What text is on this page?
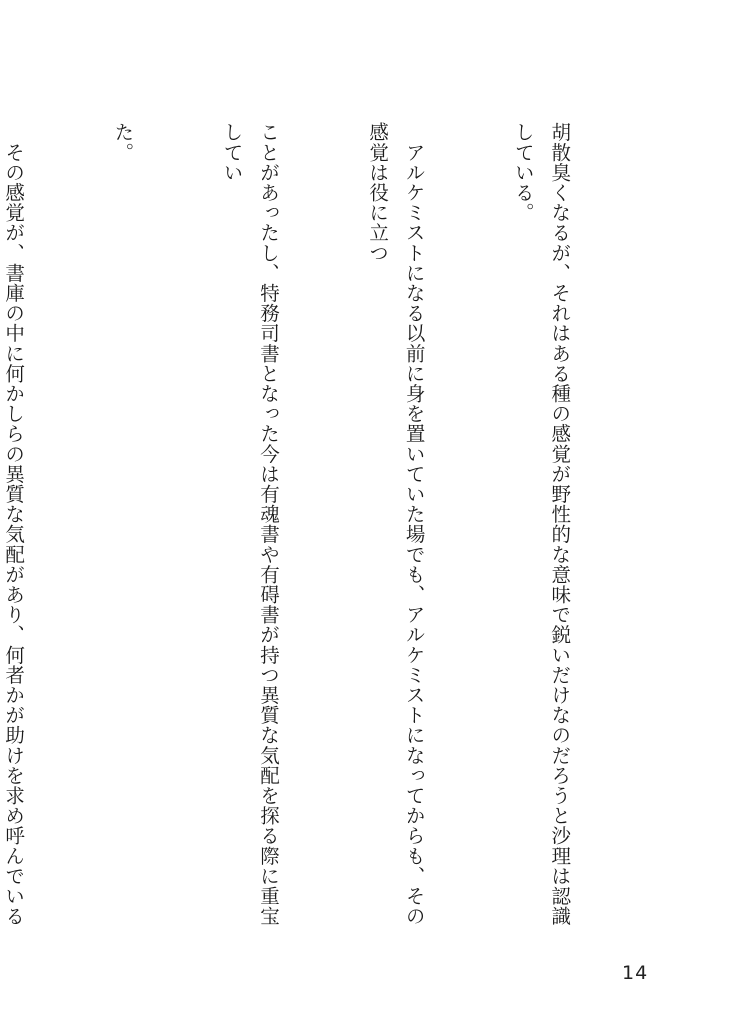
胡散臭くなるが、それはある種の感覚が野性的な意味で鋭いだけなのだろうと沙理は認識している。

　アルケミストになる以前に身を置いていた場でも、アルケミストになってからも、その感覚は役に立つ

ことがあったし、特務司書となった今は有魂書や有碍書が持つ異質な気配を探る際に重宝してい

た。

　その感覚が、書庫の中に何かしらの異質な気配があり、何者かが助けを求め呼んでいる

14
